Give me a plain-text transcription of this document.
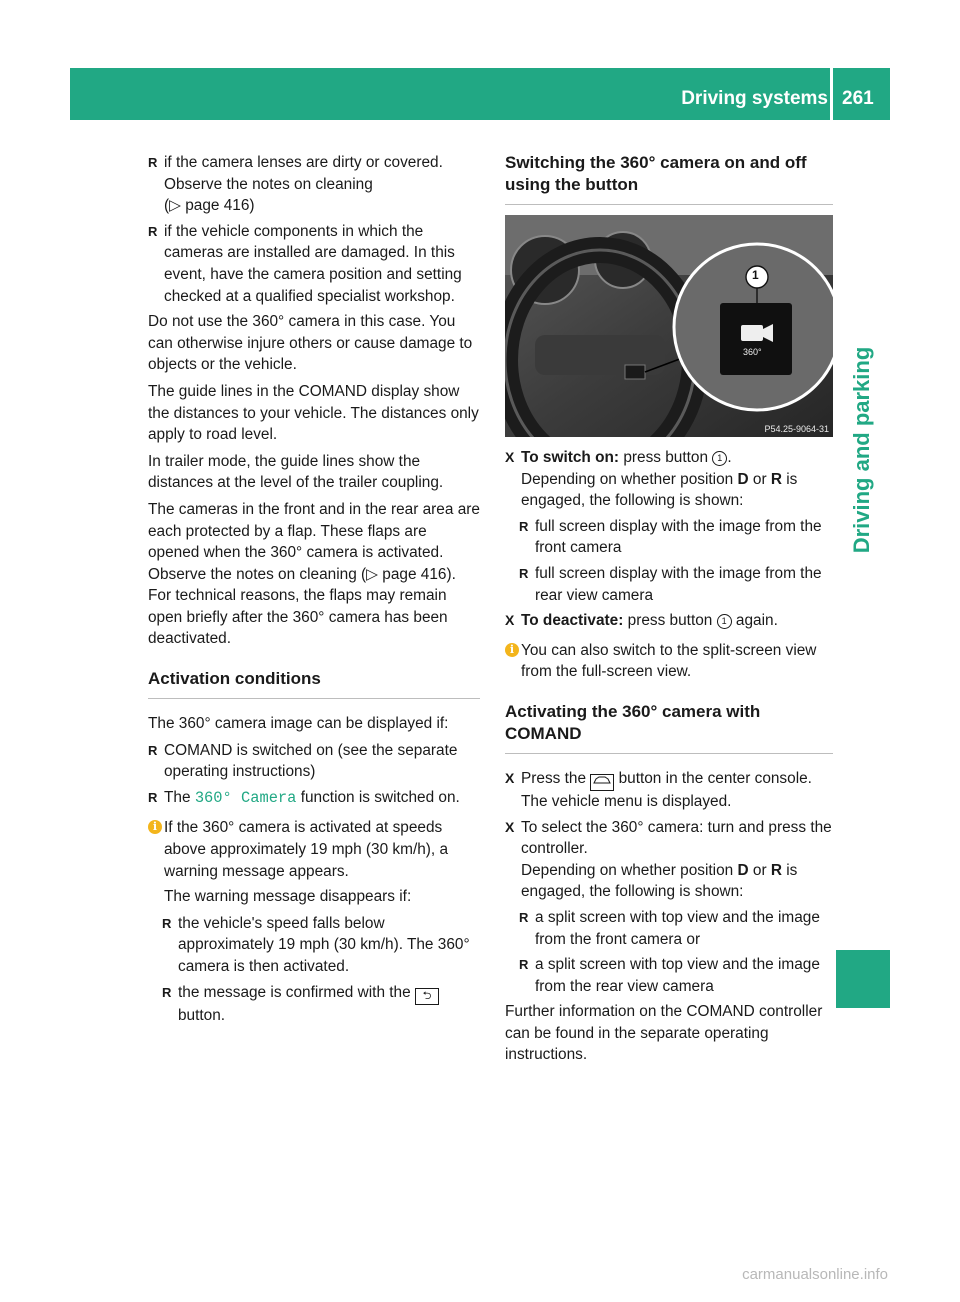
Driving systems 261
Driving and parking
R if the camera lenses are dirty or covered. Observe the notes on cleaning
(▷ page 416)
R if the vehicle components in which the cameras are installed are damaged. In this event, have the camera position and setting checked at a qualified specialist workshop.

Do not use the 360° camera in this case. You can otherwise injure others or cause damage to objects or the vehicle.

The guide lines in the COMAND display show the distances to your vehicle. The distances only apply to road level.

In trailer mode, the guide lines show the distances at the level of the trailer coupling.

The cameras in the front and in the rear area are each protected by a flap. These flaps are opened when the 360° camera is activated. Observe the notes on cleaning (▷ page 416). For technical reasons, the flaps may remain open briefly after the 360° camera has been deactivated.

Activation conditions

The 360° camera image can be displayed if:

R COMAND is switched on (see the separate operating instructions)
R The 360° Camera function is switched on.
i If the 360° camera is activated at speeds above approximately 19 mph (30 km/h), a warning message appears.

The warning message disappears if:

R the vehicle's speed falls below approximately 19 mph (30 km/h). The 360° camera is then activated.
R the message is confirmed with the ⮌ button.
Switching the 360° camera on and off using the button
1
360°
P54.25-9064-31
X To switch on: press button 1 .
Depending on whether position D or R is engaged, the following is shown:
R full screen display with the image from the front camera
R full screen display with the image from the rear view camera
X To deactivate: press button 1 again.
i You can also switch to the split-screen view from the full-screen view.
Activating the 360° camera with COMAND
X Press the button in the center console.
The vehicle menu is displayed.
X To select the 360° camera: turn and press the controller.
Depending on whether position D or R is engaged, the following is shown:
R a split screen with top view and the image from the front camera or
R a split screen with top view and the image from the rear view camera

Further information on the COMAND controller can be found in the separate operating instructions.

carmanualsonline.info
